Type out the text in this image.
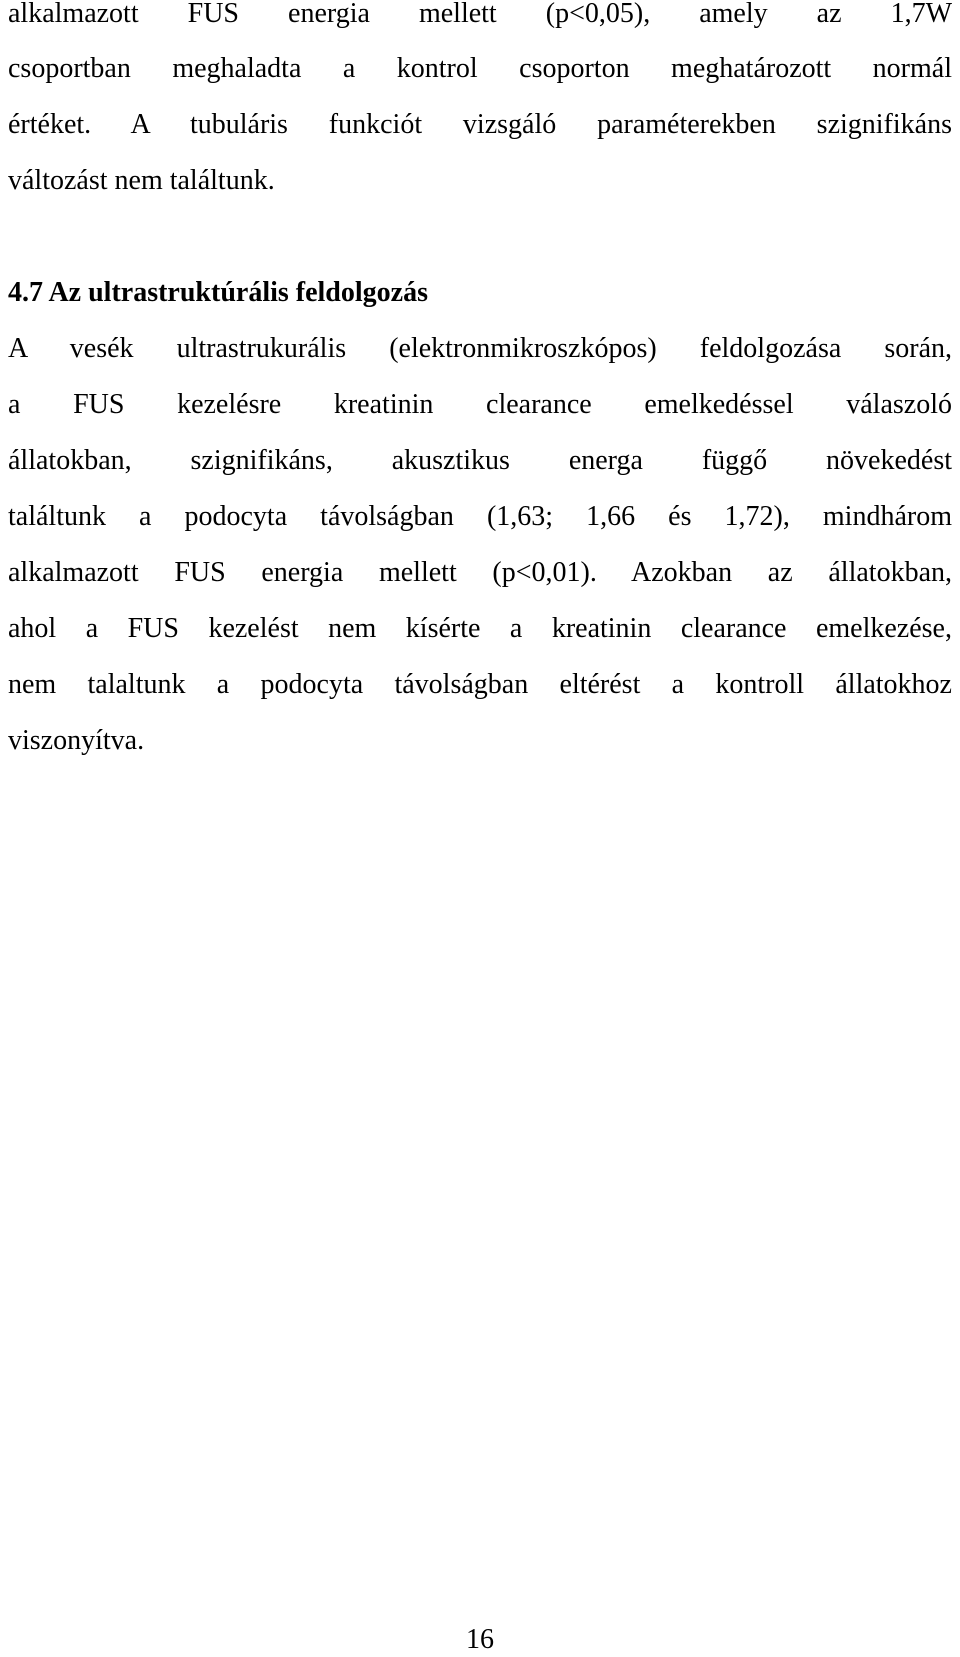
alkalmazott FUS energia mellett (p<0,05), amely az 1,7W
csoportban meghaladta a kontrol csoporton meghatározott normál
értéket. A tubuláris funkciót vizsgáló paraméterekben szignifikáns
változást nem találtunk.
4.7 Az ultrastruktúrális feldolgozás
A vesék ultrastrukurális (elektronmikroszkópos) feldolgozása során,
a FUS kezelésre kreatinin clearance emelkedéssel válaszoló
állatokban, szignifikáns, akusztikus energa függő növekedést
találtunk a podocyta távolságban (1,63; 1,66 és 1,72), mindhárom
alkalmazott FUS energia mellett (p<0,01). Azokban az állatokban,
ahol a FUS kezelést nem kísérte a kreatinin clearance emelkezése,
nem talaltunk a podocyta távolságban eltérést a kontroll állatokhoz
viszonyítva.
16
